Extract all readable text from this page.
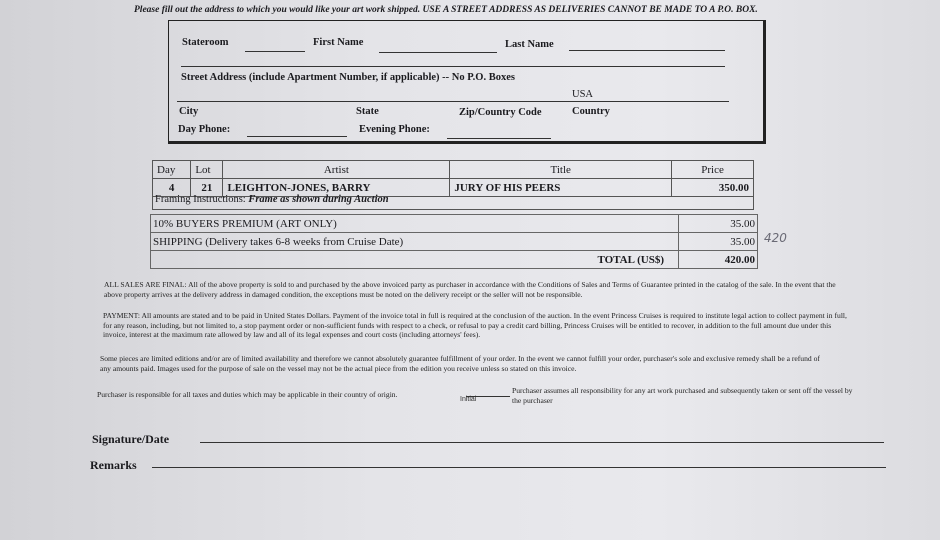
Please fill out the address to which you would like your art work shipped. USE A STREET ADDRESS AS DELIVERIES CANNOT BE MADE TO A P.O. BOX.
Stateroom	First Name	Last Name
Street Address (include Apartment Number, if applicable) -- No P.O. Boxes
USA
City	State	Zip/Country Code	Country
Day Phone:	Evening Phone:
Day	Lot	Artist	Title	Price
4	21	LEIGHTON-JONES, BARRY	JURY OF HIS PEERS	350.00
Framing Instructions: Frame as shown during Auction
10% BUYERS PREMIUM (ART ONLY)	35.00
SHIPPING (Delivery takes 6-8 weeks from Cruise Date)	35.00
TOTAL (US$)	420.00
420
ALL SALES ARE FINAL: All of the above property is sold to and purchased by the above invoiced party as purchaser in accordance with the Conditions of Sales and Terms of Guarantee printed in the catalog of the sale. In the event that the above property arrives at the delivery address in damaged condition, the exceptions must be noted on the delivery receipt or the seller will not be responsible.
PAYMENT: All amounts are stated and to be paid in United States Dollars. Payment of the invoice total in full is required at the conclusion of the auction. In the event Princess Cruises is required to institute legal action to collect payment in full, for any reason, including, but not limited to, a stop payment order or non-sufficient funds with respect to a check, or refusal to pay a credit card billing, Princess Cruises will be entitled to recover, in addition to the full amount due under this invoice, interest at the maximum rate allowed by law and all of its legal expenses and court costs (including attorneys' fees).
Some pieces are limited editions and/or are of limited availability and therefore we cannot absolutely guarantee fulfillment of your order. In the event we cannot fulfill your order, purchaser's sole and exclusive remedy shall be a refund of any amounts paid. Images used for the purpose of sale on the vessel may not be the actual piece from the edition you receive unless so stated on this invoice.
Purchaser is responsible for all taxes and duties which may be applicable in their country of origin.
Initial
Purchaser assumes all responsibility for any art work purchased and subsequently taken or sent off the vessel by the purchaser
Signature/Date
Remarks
